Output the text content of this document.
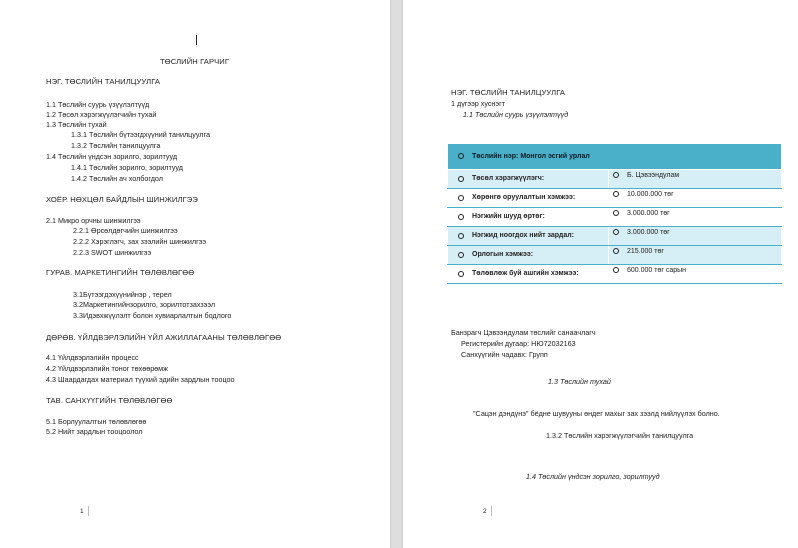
ТӨСЛИЙН ГАРЧИГ
НЭГ. ТӨСЛИЙН ТАНИЛЦУУЛГА
1.1 Төслийн суурь үзүүлэлтүүд
1.2 Төсөл хэрэгжүүлэгчийн тухай
1.3 Төслийн тухай
1.3.1 Төслийн бүтээгдхүүний танилцуулга
1.3.2 Төслийн танилцуулга
1.4 Төслийн үндсэн зорилго, зорилтууд
1.4.1 Төслийн зорилго, зорилтууд
1.4.2 Төслийн ач холбогдол
ХОЁР. НӨХЦӨЛ БАЙДЛЫН ШИНЖИЛГЭЭ
2.1 Микро орчны шинжилгээ
2.2.1 Өрсөлдөгчийн шинжилгээ
2.2.2 Хэрэглэгч, зах зээлийн шинжилгээ
2.2.3 SWOT шинжилгээ
ГУРАВ. МАРКЕТИНГИЙН ТӨЛӨВЛӨГӨӨ
3.1Бүтээгдэхүүнийнэр , терел
3.2Маркетингийнзорилго, зорилтотзахзээл
3.3Идэвхжүүлэлт болон хувиарлалтын бодлого
ДӨРӨВ. ҮЙЛДВЭРЛЭЛИЙН ҮЙЛ АЖИЛЛАГААНЫ ТӨЛӨВЛӨГӨӨ
4.1 Үйлдвэрлэлийн процесс
4.2 Үйлдвэрлэлийн тоног төхөөрөмж
4.3 Шаардагдах материал түүхий эдийн зардлын тооцоо
ТАВ. САНХҮҮГИЙН ТӨЛӨВЛӨГӨӨ
5.1 Борлуулалтын төлөвлөгөө
5.2 Нийт зардлын тооцоолол
1
НЭГ. ТӨСЛИЙН ТАНИЛЦУУЛГА
1 дүгээр хуснэгт
1.1 Төслийн суурь үзүүлэлтүүд
Төслийн нэр: Монгол эсгий урлал	
Төсөл хэрэгжүүлэгч:	Б. Цэвээндулам

Хөрөнгө оруулалтын хэмжээ:	10.000.000 төг

Нэгжийн шууд өртөг:	3.000.000 төг

Нэгжид ноогдох нийт зардал:	3.000.000 төг

Орлогын хэмжээ:	215.000 төг

Төлөвлөж буй ашгийн хэмжээ:	600.000 төг сарын
Банзрагч Цэвээндулам төслийг санаачлагч
Регистерийн дугаар: НЮ72032163
Санхүүгийн чадавх: Групп
1.3 Төслийн тухай
"Сацэн дэндүнэ" бёдне шувууны өндег махыг зах зээлд нийлүүлэх болно.
1.3.2 Төслийн хэрэгжүүлэгчийн танилцуулга
1.4 Төслийн үндсэн зорилго, зорилтууд
2
